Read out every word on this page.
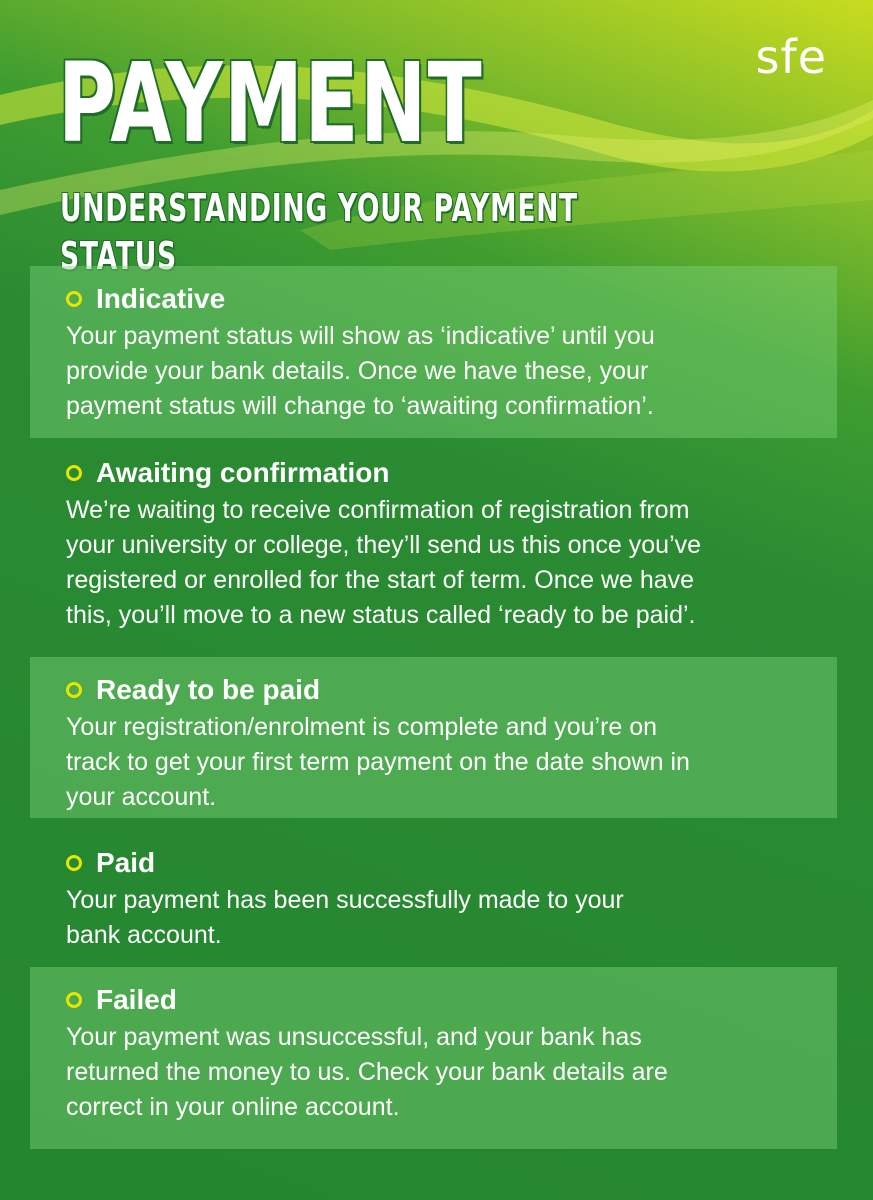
sfe
PAYMENT
UNDERSTANDING YOUR PAYMENT STATUS
Indicative
Your payment status will show as ‘indicative’ until you
provide your bank details. Once we have these, your
payment status will change to ‘awaiting confirmation’.
Awaiting confirmation
We’re waiting to receive confirmation of registration from
your university or college, they’ll send us this once you’ve
registered or enrolled for the start of term. Once we have
this, you’ll move to a new status called ‘ready to be paid’.
Ready to be paid
Your registration/enrolment is complete and you’re on
track to get your first term payment on the date shown in
your account.
Paid
Your payment has been successfully made to your
bank account.
Failed
Your payment was unsuccessful, and your bank has
returned the money to us. Check your bank details are
correct in your online account.
